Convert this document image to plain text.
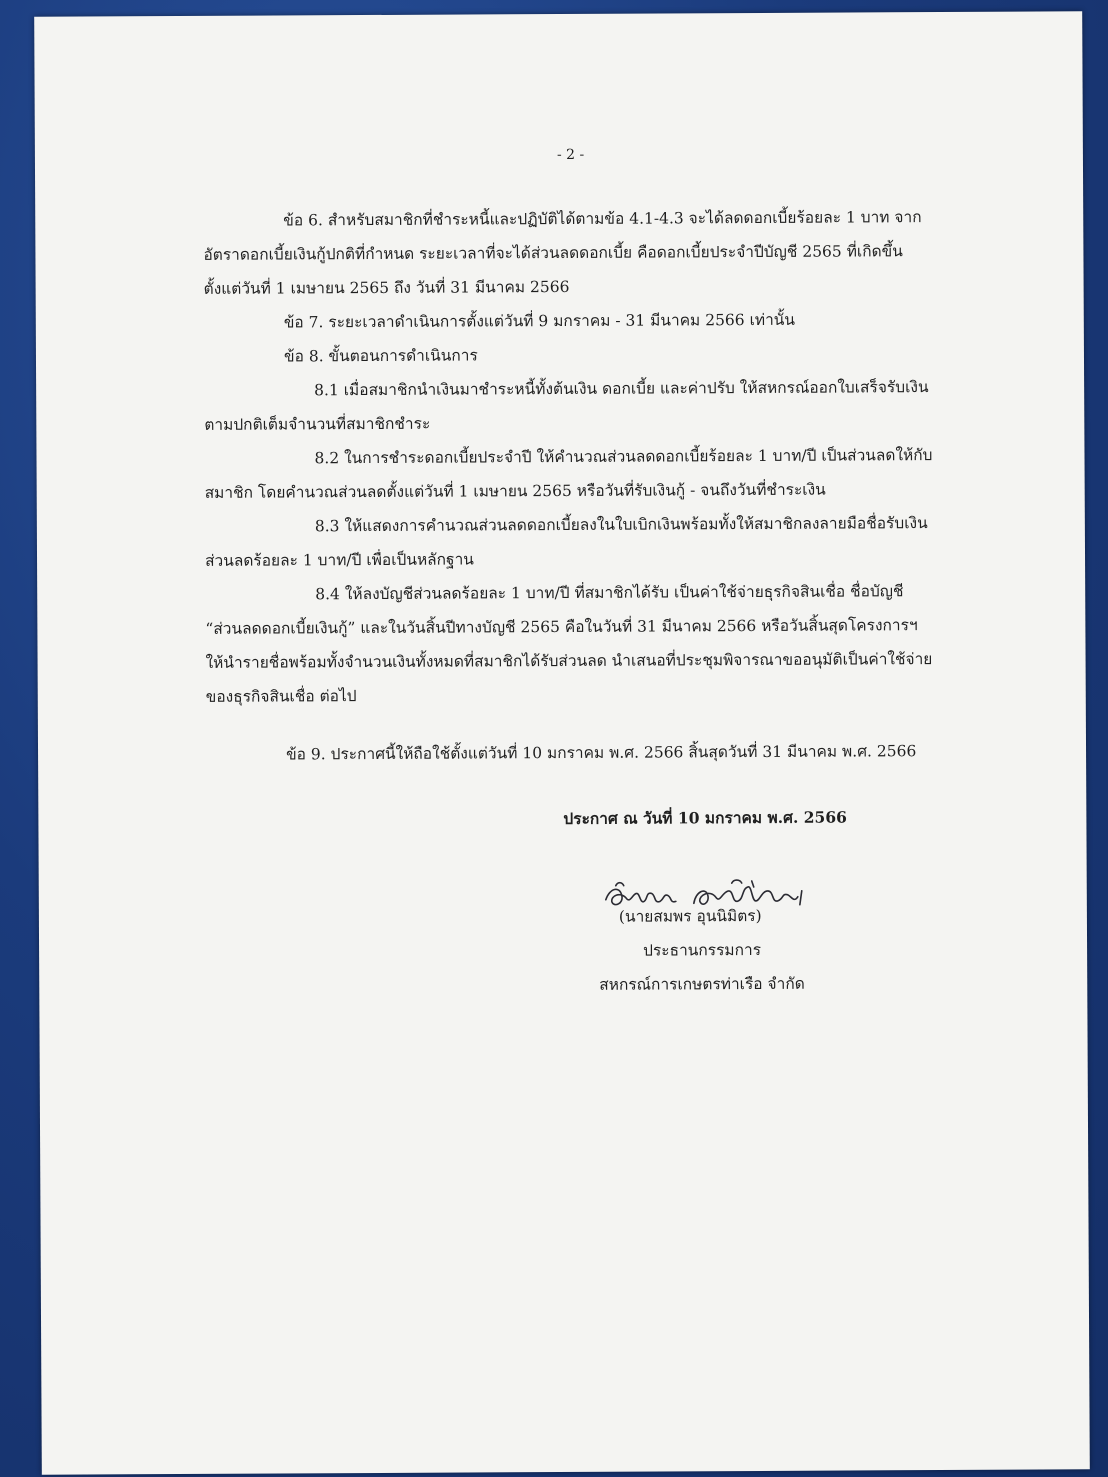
- 2 -
ข้อ 6. สำหรับสมาชิกที่ชำระหนี้และปฏิบัติได้ตามข้อ 4.1-4.3 จะได้ลดดอกเบี้ยร้อยละ 1 บาท จาก
อัตราดอกเบี้ยเงินกู้ปกติที่กำหนด ระยะเวลาที่จะได้ส่วนลดดอกเบี้ย คือดอกเบี้ยประจำปีบัญชี 2565 ที่เกิดขึ้น
ตั้งแต่วันที่ 1 เมษายน 2565 ถึง วันที่ 31 มีนาคม 2566
ข้อ 7. ระยะเวลาดำเนินการตั้งแต่วันที่ 9 มกราคม - 31 มีนาคม 2566 เท่านั้น
ข้อ 8. ขั้นตอนการดำเนินการ
8.1 เมื่อสมาชิกนำเงินมาชำระหนี้ทั้งต้นเงิน ดอกเบี้ย และค่าปรับ ให้สหกรณ์ออกใบเสร็จรับเงิน
ตามปกติเต็มจำนวนที่สมาชิกชำระ
8.2 ในการชำระดอกเบี้ยประจำปี ให้คำนวณส่วนลดดอกเบี้ยร้อยละ 1 บาท/ปี เป็นส่วนลดให้กับ
สมาชิก โดยคำนวณส่วนลดตั้งแต่วันที่ 1 เมษายน 2565 หรือวันที่รับเงินกู้ - จนถึงวันที่ชำระเงิน
8.3 ให้แสดงการคำนวณส่วนลดดอกเบี้ยลงในใบเบิกเงินพร้อมทั้งให้สมาชิกลงลายมือชื่อรับเงิน
ส่วนลดร้อยละ 1 บาท/ปี เพื่อเป็นหลักฐาน
8.4 ให้ลงบัญชีส่วนลดร้อยละ 1 บาท/ปี ที่สมาชิกได้รับ เป็นค่าใช้จ่ายธุรกิจสินเชื่อ ชื่อบัญชี
“ส่วนลดดอกเบี้ยเงินกู้” และในวันสิ้นปีทางบัญชี 2565 คือในวันที่ 31 มีนาคม 2566 หรือวันสิ้นสุดโครงการฯ
ให้นำรายชื่อพร้อมทั้งจำนวนเงินทั้งหมดที่สมาชิกได้รับส่วนลด นำเสนอที่ประชุมพิจารณาขออนุมัติเป็นค่าใช้จ่าย
ของธุรกิจสินเชื่อ ต่อไป
ข้อ 9. ประกาศนี้ให้ถือใช้ตั้งแต่วันที่ 10 มกราคม พ.ศ. 2566 สิ้นสุดวันที่ 31 มีนาคม พ.ศ. 2566
ประกาศ ณ วันที่ 10 มกราคม พ.ศ. 2566
(นายสมพร อุนนิมิตร)
ประธานกรรมการ
สหกรณ์การเกษตรท่าเรือ จำกัด
